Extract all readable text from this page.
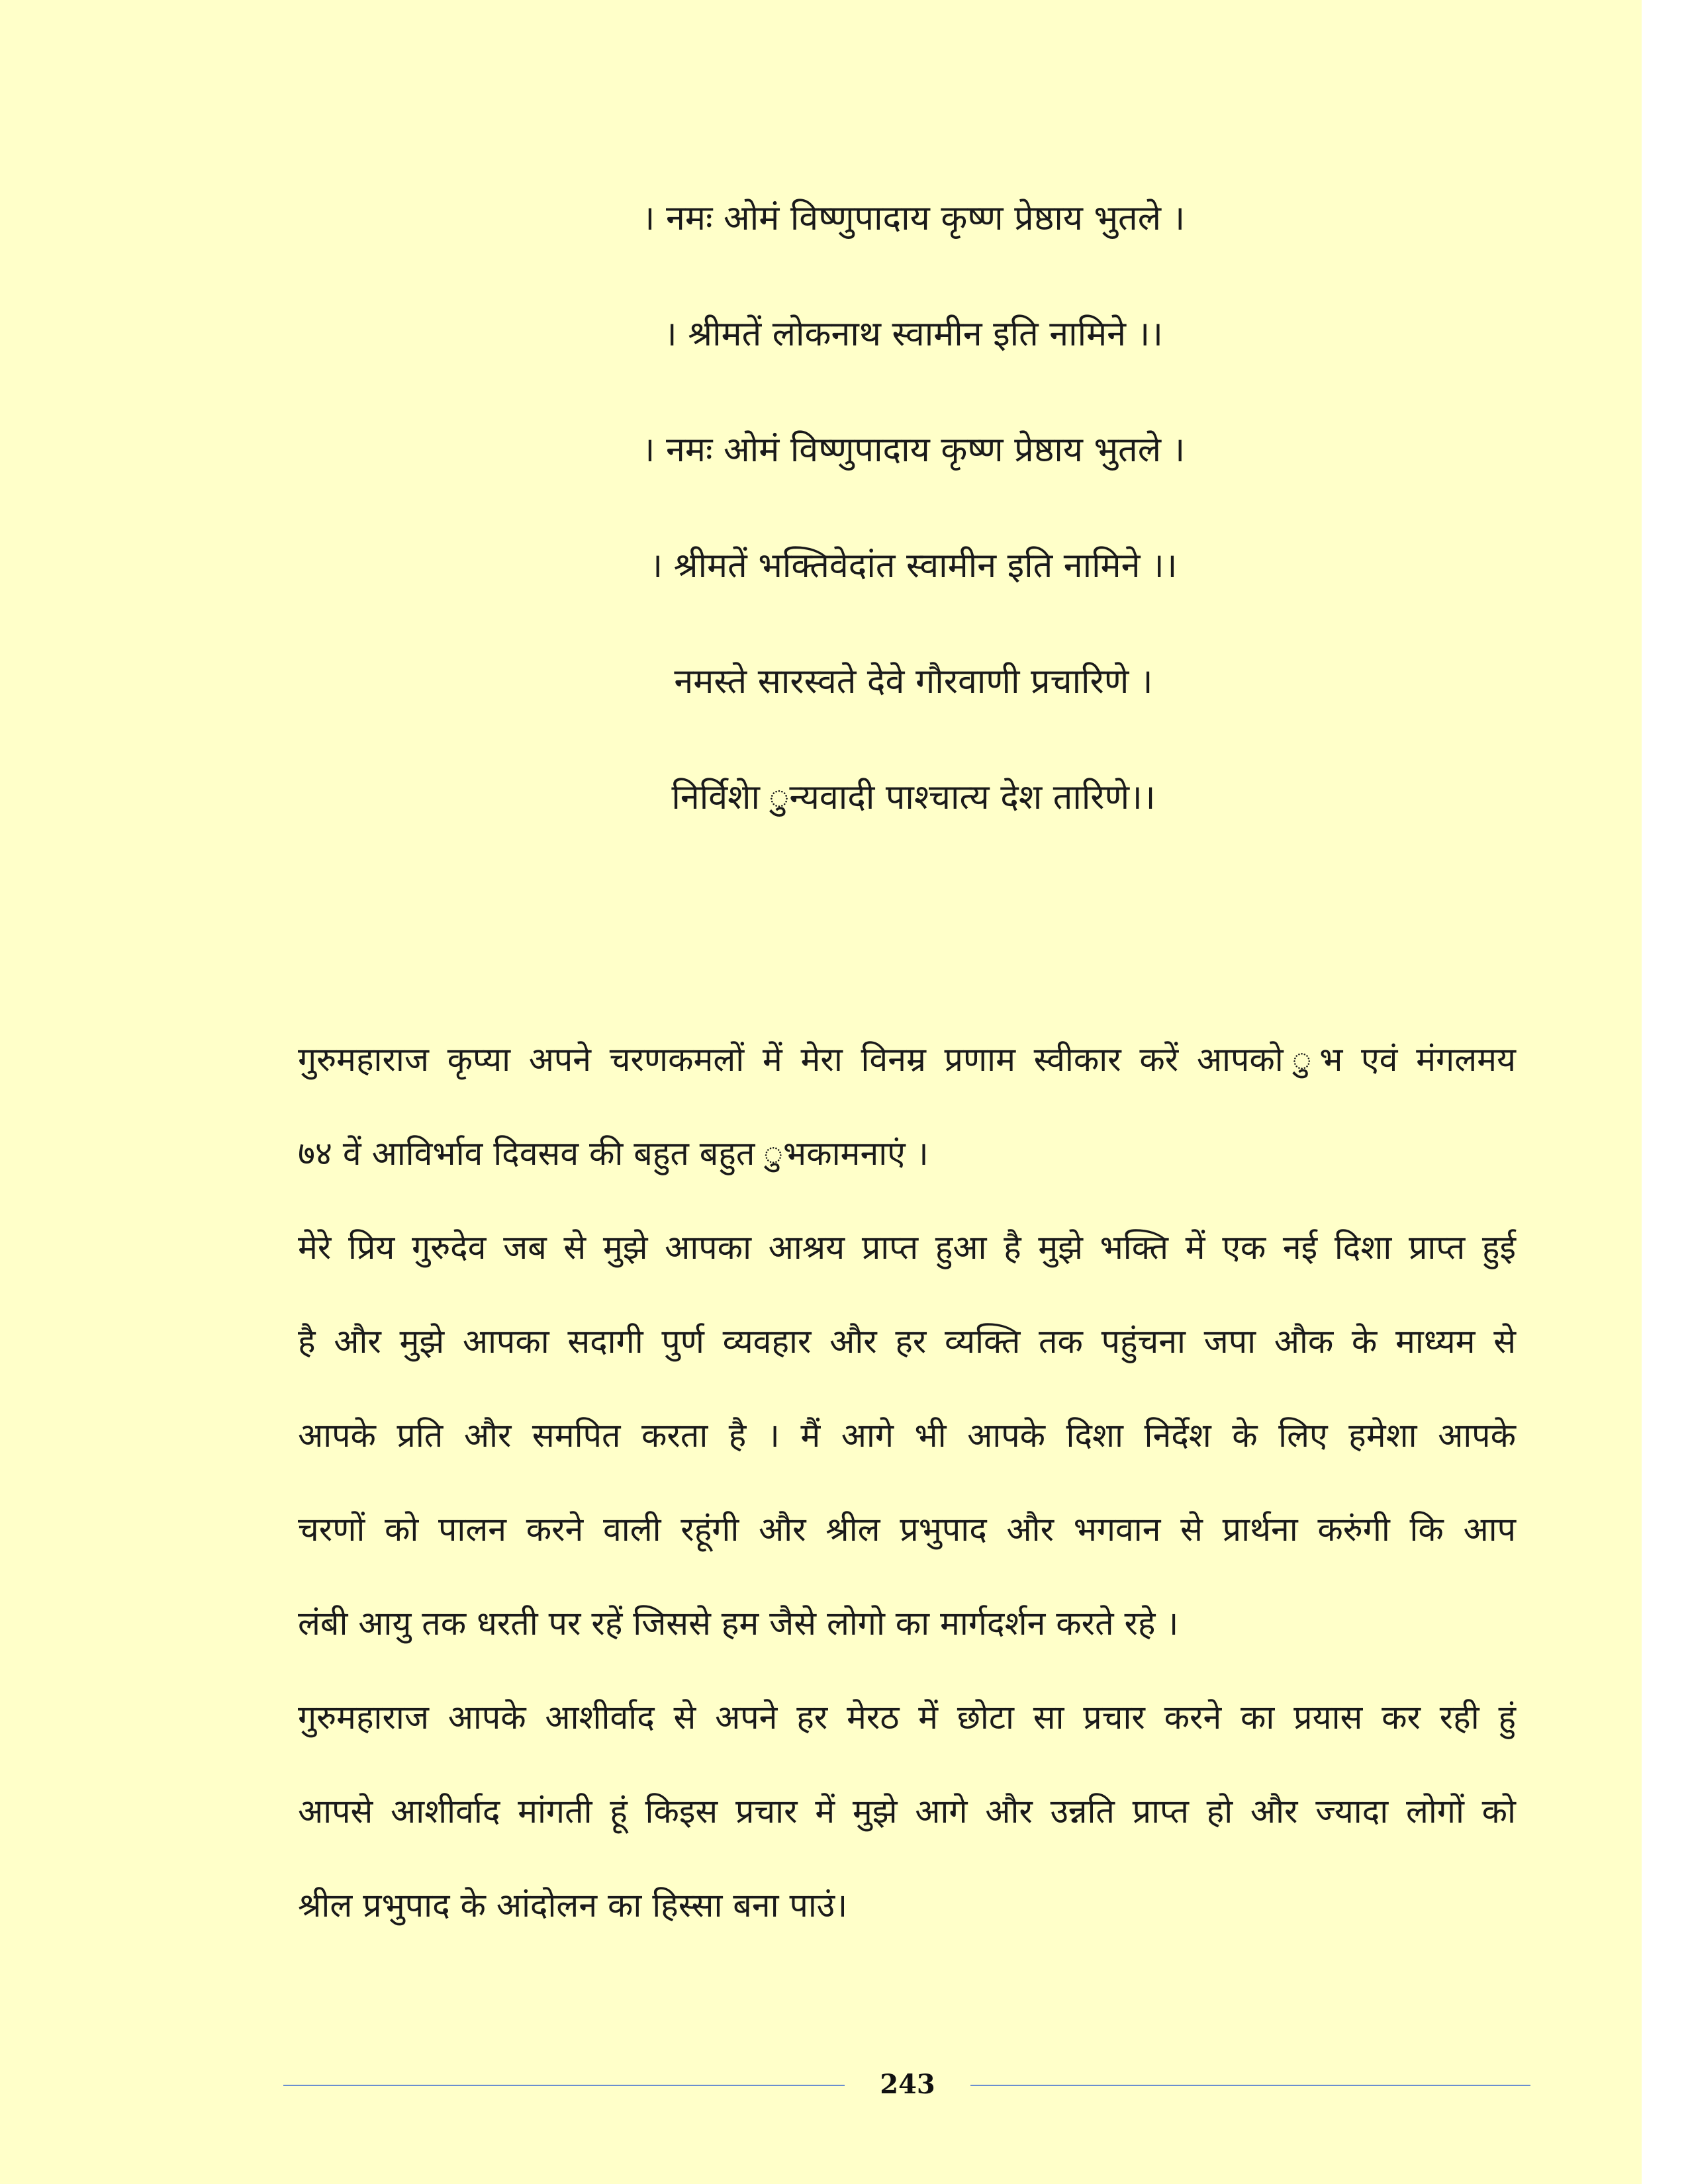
। नमः ओमं विष्णुपादाय कृष्ण प्रेष्ठाय भुतले ।
। श्रीमतें लोकनाथ स्वामीन इति नामिने ।।
। नमः ओमं विष्णुपादाय कृष्ण प्रेष्ठाय भुतले ।
। श्रीमतें भक्तिवेदांत स्वामीन इति नामिने ।।
नमस्ते सारस्वते देवे गौरवाणी प्रचारिणे ।
निर्विशेा ुन्यवादी पाश्चात्य देश तारिणे।।
गुरुमहाराज कृप्या अपने चरणकमलों में मेरा विनम्र प्रणाम स्वीकार करें आपको ुभ एवं मंगलमय
७४ वें आविर्भाव दिवसव की बहुत बहुत ुभकामनाएं ।
मेरे प्रिय गुरुदेव जब से मुझे आपका आश्रय प्राप्त हुआ है मुझे भक्ति में एक नई दिशा प्राप्त हुई
है और मुझे आपका सदागी पुर्ण व्यवहार और हर व्यक्ति तक पहुंचना जपा औक के माध्यम से
आपके प्रति और समपित करता है । मैं आगे भी आपके दिशा निर्देश के लिए हमेशा आपके
चरणों को पालन करने वाली रहूंगी और श्रील प्रभुपाद और भगवान से प्रार्थना करुंगी कि आप
लंबी आयु तक धरती पर रहें जिससे हम जैसे लोगो का मार्गदर्शन करते रहे ।
गुरुमहाराज आपके आशीर्वाद से अपने हर मेरठ में छोटा सा प्रचार करने का प्रयास कर रही हुं
आपसे आशीर्वाद मांगती हूं किइस प्रचार में मुझे आगे और उन्नति प्राप्त हो और ज्यादा लोगों को
श्रील प्रभुपाद के आंदोलन का हिस्सा बना पाउं।
243
